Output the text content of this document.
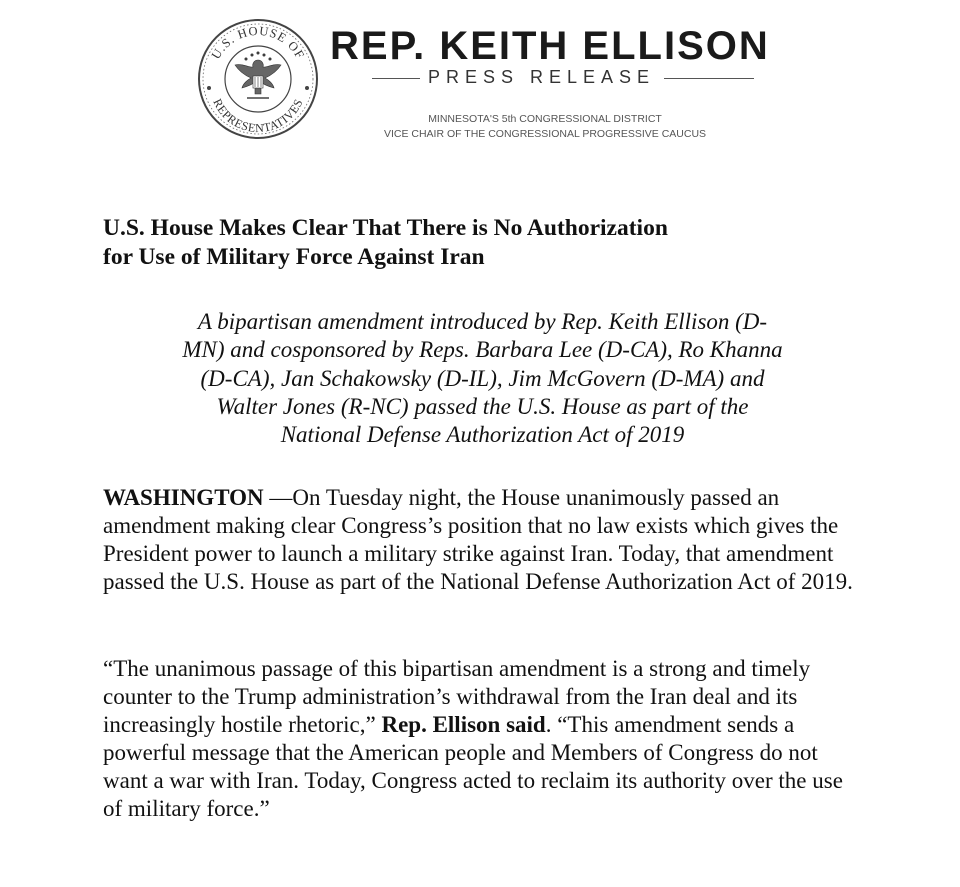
U.S. HOUSE OF
REPRESENTATIVES
REP. KEITH ELLISON
PRESS RELEASE
MINNESOTA'S 5th CONGRESSIONAL DISTRICT
VICE CHAIR OF THE CONGRESSIONAL PROGRESSIVE CAUCUS
U.S. House Makes Clear That There is No Authorization
for Use of Military Force Against Iran

A bipartisan amendment introduced by Rep. Keith Ellison (D-
MN) and cosponsored by Reps. Barbara Lee (D-CA), Ro Khanna
(D-CA), Jan Schakowsky (D-IL), Jim McGovern (D-MA) and
Walter Jones (R-NC) passed the U.S. House as part of the
National Defense Authorization Act of 2019

WASHINGTON —On Tuesday night, the House unanimously passed an amendment making clear Congress’s position that no law exists which gives the President power to launch a military strike against Iran. Today, that amendment passed the U.S. House as part of the National Defense Authorization Act of 2019.

“The unanimous passage of this bipartisan amendment is a strong and timely counter to the Trump administration’s withdrawal from the Iran deal and its increasingly hostile rhetoric,” Rep. Ellison said. “This amendment sends a powerful message that the American people and Members of Congress do not want a war with Iran. Today, Congress acted to reclaim its authority over the use of military force.”
